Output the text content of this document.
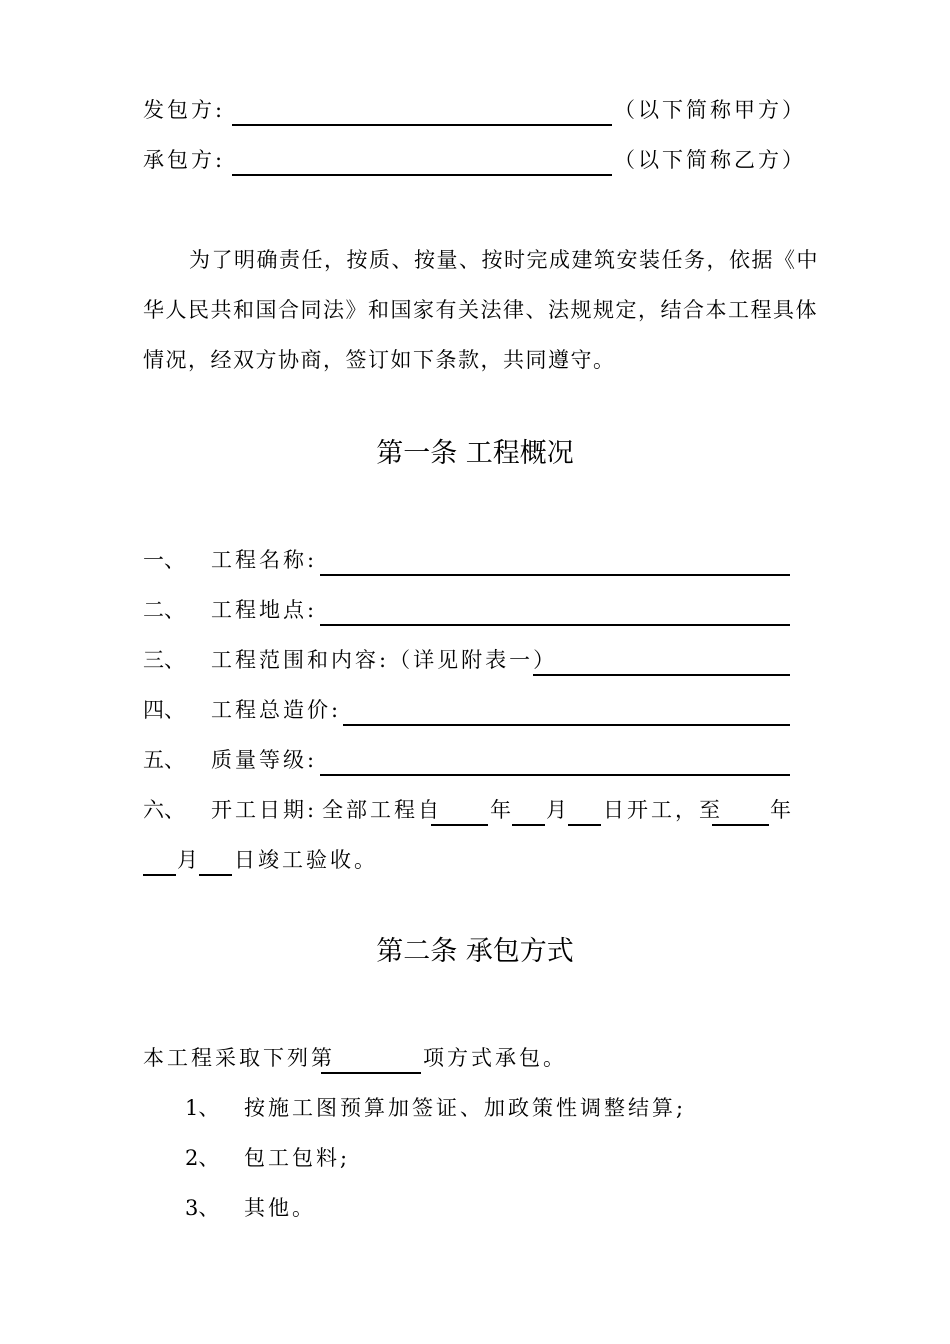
发包方:	（以下简称甲方）
承包方:	（以下简称乙方）
为了明确责任，按质、按量、按时完成建筑安装任务，依据《中
华人民共和国合同法》和国家有关法律、法规规定，结合本工程具体
情况，经双方协商，签订如下条款，共同遵守。
第一条 工程概况
一、 工程名称:
二、 工程地点:
三、 工程范围和内容:（详见附表一）
四、 工程总造价:
五、 质量等级:
六、 开工日期: 全部工程自 年 月 日开工，至 年
月 日竣工验收。
第二条 承包方式
本工程采取下列第	项方式承包。
1、 按施工图预算加签证、加政策性调整结算;
2、 包工包料;
3、 其他。
